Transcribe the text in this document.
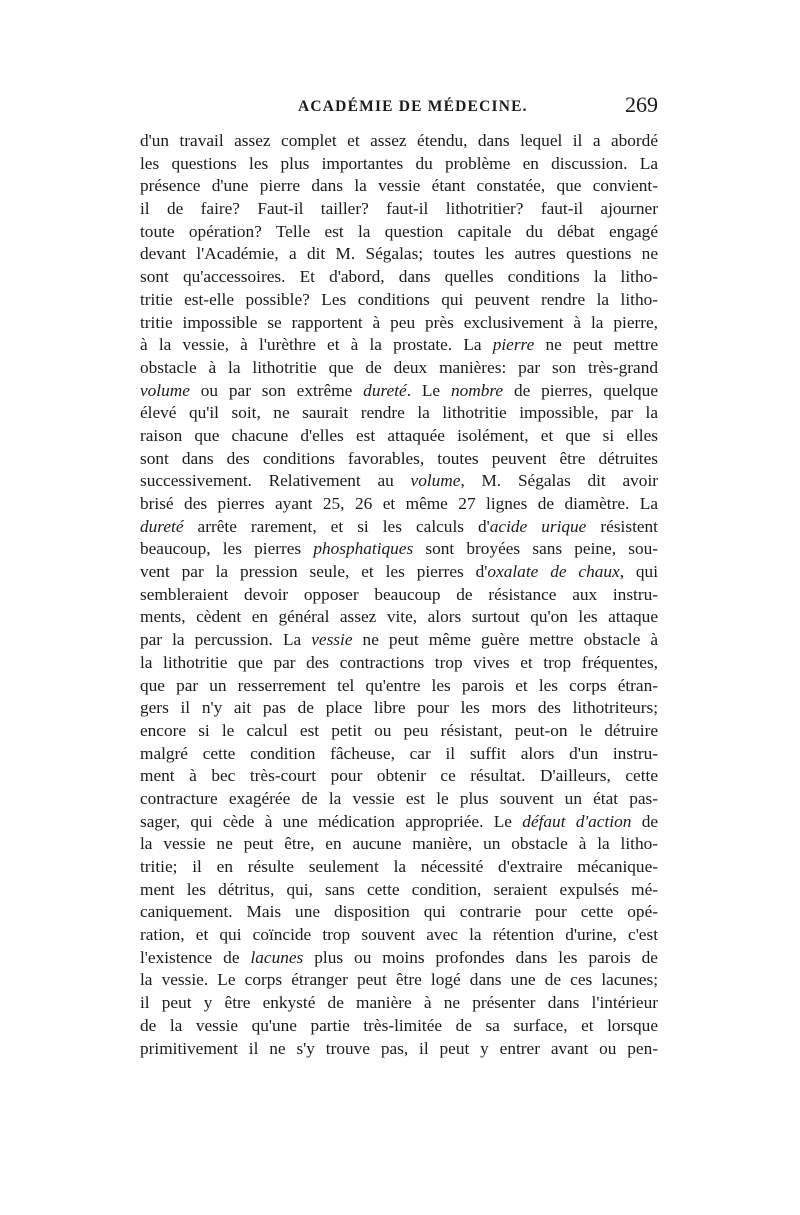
ACADÉMIE DE MÉDECINE.	269
d'un travail assez complet et assez étendu, dans lequel il a abordé
les questions les plus importantes du problème en discussion. La
présence d'une pierre dans la vessie étant constatée, que convient-
il de faire? Faut-il tailler? faut-il lithotritier? faut-il ajourner
toute opération? Telle est la question capitale du débat engagé
devant l'Académie, a dit M. Ségalas; toutes les autres questions ne
sont qu'accessoires. Et d'abord, dans quelles conditions la litho-
tritie est-elle possible? Les conditions qui peuvent rendre la litho-
tritie impossible se rapportent à peu près exclusivement à la pierre,
à la vessie, à l'urèthre et à la prostate. La pierre ne peut mettre
obstacle à la lithotritie que de deux manières: par son très-grand
volume ou par son extrême dureté. Le nombre de pierres, quelque
élevé qu'il soit, ne saurait rendre la lithotritie impossible, par la
raison que chacune d'elles est attaquée isolément, et que si elles
sont dans des conditions favorables, toutes peuvent être détruites
successivement. Relativement au volume, M. Ségalas dit avoir
brisé des pierres ayant 25, 26 et même 27 lignes de diamètre. La
dureté arrête rarement, et si les calculs d'acide urique résistent
beaucoup, les pierres phosphatiques sont broyées sans peine, sou-
vent par la pression seule, et les pierres d'oxalate de chaux, qui
sembleraient devoir opposer beaucoup de résistance aux instru-
ments, cèdent en général assez vite, alors surtout qu'on les attaque
par la percussion. La vessie ne peut même guère mettre obstacle à
la lithotritie que par des contractions trop vives et trop fréquentes,
que par un resserrement tel qu'entre les parois et les corps étran-
gers il n'y ait pas de place libre pour les mors des lithotriteurs;
encore si le calcul est petit ou peu résistant, peut-on le détruire
malgré cette condition fâcheuse, car il suffit alors d'un instru-
ment à bec très-court pour obtenir ce résultat. D'ailleurs, cette
contracture exagérée de la vessie est le plus souvent un état pas-
sager, qui cède à une médication appropriée. Le défaut d'action de
la vessie ne peut être, en aucune manière, un obstacle à la litho-
tritie; il en résulte seulement la nécessité d'extraire mécanique-
ment les détritus, qui, sans cette condition, seraient expulsés mé-
caniquement. Mais une disposition qui contrarie pour cette opé-
ration, et qui coïncide trop souvent avec la rétention d'urine, c'est
l'existence de lacunes plus ou moins profondes dans les parois de
la vessie. Le corps étranger peut être logé dans une de ces lacunes;
il peut y être enkysté de manière à ne présenter dans l'intérieur
de la vessie qu'une partie très-limitée de sa surface, et lorsque
primitivement il ne s'y trouve pas, il peut y entrer avant ou pen-
